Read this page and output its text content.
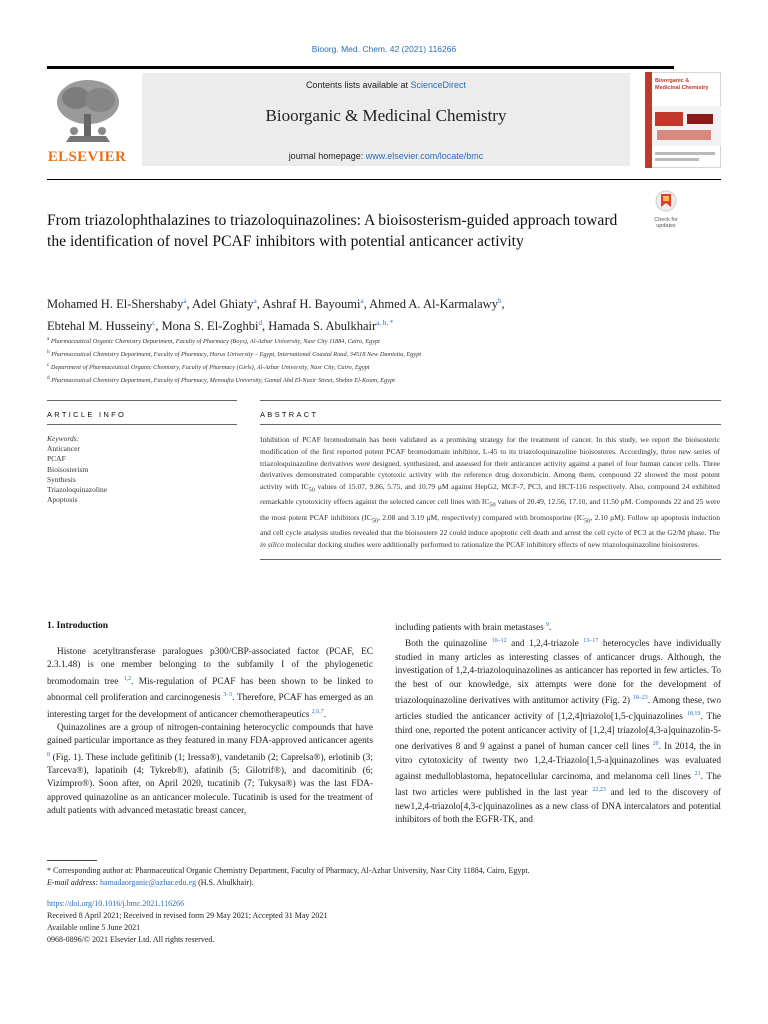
Bioorg. Med. Chem. 42 (2021) 116266
ELSEVIER
Contents lists available at ScienceDirect
Bioorganic & Medicinal Chemistry
journal homepage: www.elsevier.com/locate/bmc
Bioorganic & Medicinal Chemistry
Check for updates
From triazolophthalazines to triazoloquinazolines: A bioisosterism-guided approach toward the identification of novel PCAF inhibitors with potential anticancer activity
Mohamed H. El-Shershaby$^a$, Adel Ghiaty$^a$, Ashraf H. Bayoumi$^a$, Ahmed A. Al-Karmalawy$^b$,
Ebtehal M. Husseiny$^c$, Mona S. El-Zoghbi$^d$, Hamada S. Abulkhair$^{a, b, *}$
$^a$ Pharmaceutical Organic Chemistry Department, Faculty of Pharmacy (Boys), Al-Azhar University, Nasr City 11884, Cairo, Egypt
$^b$ Pharmaceutical Chemistry Department, Faculty of Pharmacy, Horus University – Egypt, International Coastal Road, 34518 New Damietta, Egypt
$^c$ Department of Pharmaceutical Organic Chemistry, Faculty of Pharmacy (Girls), Al-Azhar University, Nasr City, Cairo, Egypt
$^d$ Pharmaceutical Chemistry Department, Faculty of Pharmacy, Menoufia University, Gamal Abd El-Nasir Street, Shebin El-Koum, Egypt
ARTICLE INFO	ABSTRACT
Keywords:
Anticancer
PCAF
Bioisosterism
Synthesis
Triazoloquinazoline
Apoptosis
Inhibition of PCAF bromodomain has been validated as a promising strategy for the treatment of cancer. In this study, we report the bioisosteric modification of the first reported potent PCAF bromodomain inhibitor, L-45 to its triazoloquinazoline bioisosteres. Accordingly, three new series of triazoloquinazoline derivatives were designed, synthesized, and assessed for their anticancer activity against a panel of four human cancer cells. Three derivatives demonstrated comparable cytotoxic activity with the reference drug doxorubicin. Among them, compound 22 showed the most potent activity with $IC_{50}$ values of 15.07, 9.86, 5.75, and 10.79 μM against HepG2, MCF-7, PC3, and HCT-116 respectively. Also, compound 24 exhibited remarkable cytotoxicity effects against the selected cancer cell lines with $IC_{50}$ values of 20.49, 12.56, 17.10, and 11.50 μM. Compounds 22 and 25 were the most potent PCAF inhibitors ($IC_{50}$, 2.08 and 3.19 μM, respectively) compared with bromosporine ($IC_{50}$, 2.10 μM). Follow up apoptosis induction and cell cycle analysis studies revealed that the bioisostere 22 could induce apoptotic cell death and arrest the cell cycle of PC3 at the G2/M phase. The in silico molecular docking studies were additionally performed to rationalize the PCAF inhibitory effects of new triazoloquinazoline bioisosteres.
1. Introduction

Histone acetyltransferase paralogues p300/CBP-associated factor (PCAF, EC 2.3.1.48) is one member belonging to the subfamily I of the phylogenetic bromodomain tree $^{1,2}$. Mis-regulation of PCAF has been shown to be linked to abnormal cell proliferation and carcinogenesis $^{3-5}$. Therefore, PCAF has emerged as an interesting target for the development of anticancer chemotherapeutics $^{2,6,7}$.

Quinazolines are a group of nitrogen-containing heterocyclic compounds that have gained particular importance as they featured in many FDA-approved anticancer agents $^8$ (Fig. 1). These include gefitinib (1; Iressa®), vandetanib (2; Caprelsa®), erlotinib (3; Tarceva®), lapatinib (4; Tykreb®), afatinib (5; Gilotrif®), and dacomitinib (6; Vizimpro®). Soon after, on April 2020, tucatinib (7; Tukysa®) was the last FDA-approved quinazoline as an anticancer molecule. Tucatinib is used for the treatment of adult patients with advanced metastatic breast cancer,

including patients with brain metastases $^9$.

Both the quinazoline $^{10-12}$ and 1,2,4-triazole $^{13-17}$ heterocycles have individually studied in many articles as interesting classes of anticancer drugs. Although, the investigation of 1,2,4-triazoloquinazolines as anticancer has reported in few articles. To the best of our knowledge, six attempts were done for the development of triazoloquinazoline derivatives with antitumor activity (Fig. 2) $^{18-23}$. Among these, two articles studied the anticancer activity of [1,2,4]triazolo[1,5-c]quinazolines $^{18,19}$. The third one, reported the potent anticancer activity of [1,2,4] triazolo[4,3-a]quinazolin-5-one derivatives 8 and 9 against a panel of human cancer cell lines $^{20}$. In 2014, the in vitro cytotoxicity of twenty two 1,2,4-Triazolo[1,5-a]quinazolines was evaluated against medulloblastoma, hepatocellular carcinoma, and melanoma cell lines $^{21}$. The last two articles were published in the last year $^{22,23}$ and led to the discovery of new1,2,4-triazolo[4,3-c]quinazolines as a new class of DNA intercalators and potential inhibitors of both the EGFR-TK, and

* Corresponding author at: Pharmaceutical Organic Chemistry Department, Faculty of Pharmacy, Al-Azhar University, Nasr City 11884, Cairo, Egypt.
E-mail address: hamadaorganic@azhar.edu.eg (H.S. Abulkhair).
https://doi.org/10.1016/j.bmc.2021.116266
Received 8 April 2021; Received in revised form 29 May 2021; Accepted 31 May 2021
Available online 5 June 2021
0968-0896/© 2021 Elsevier Ltd. All rights reserved.
